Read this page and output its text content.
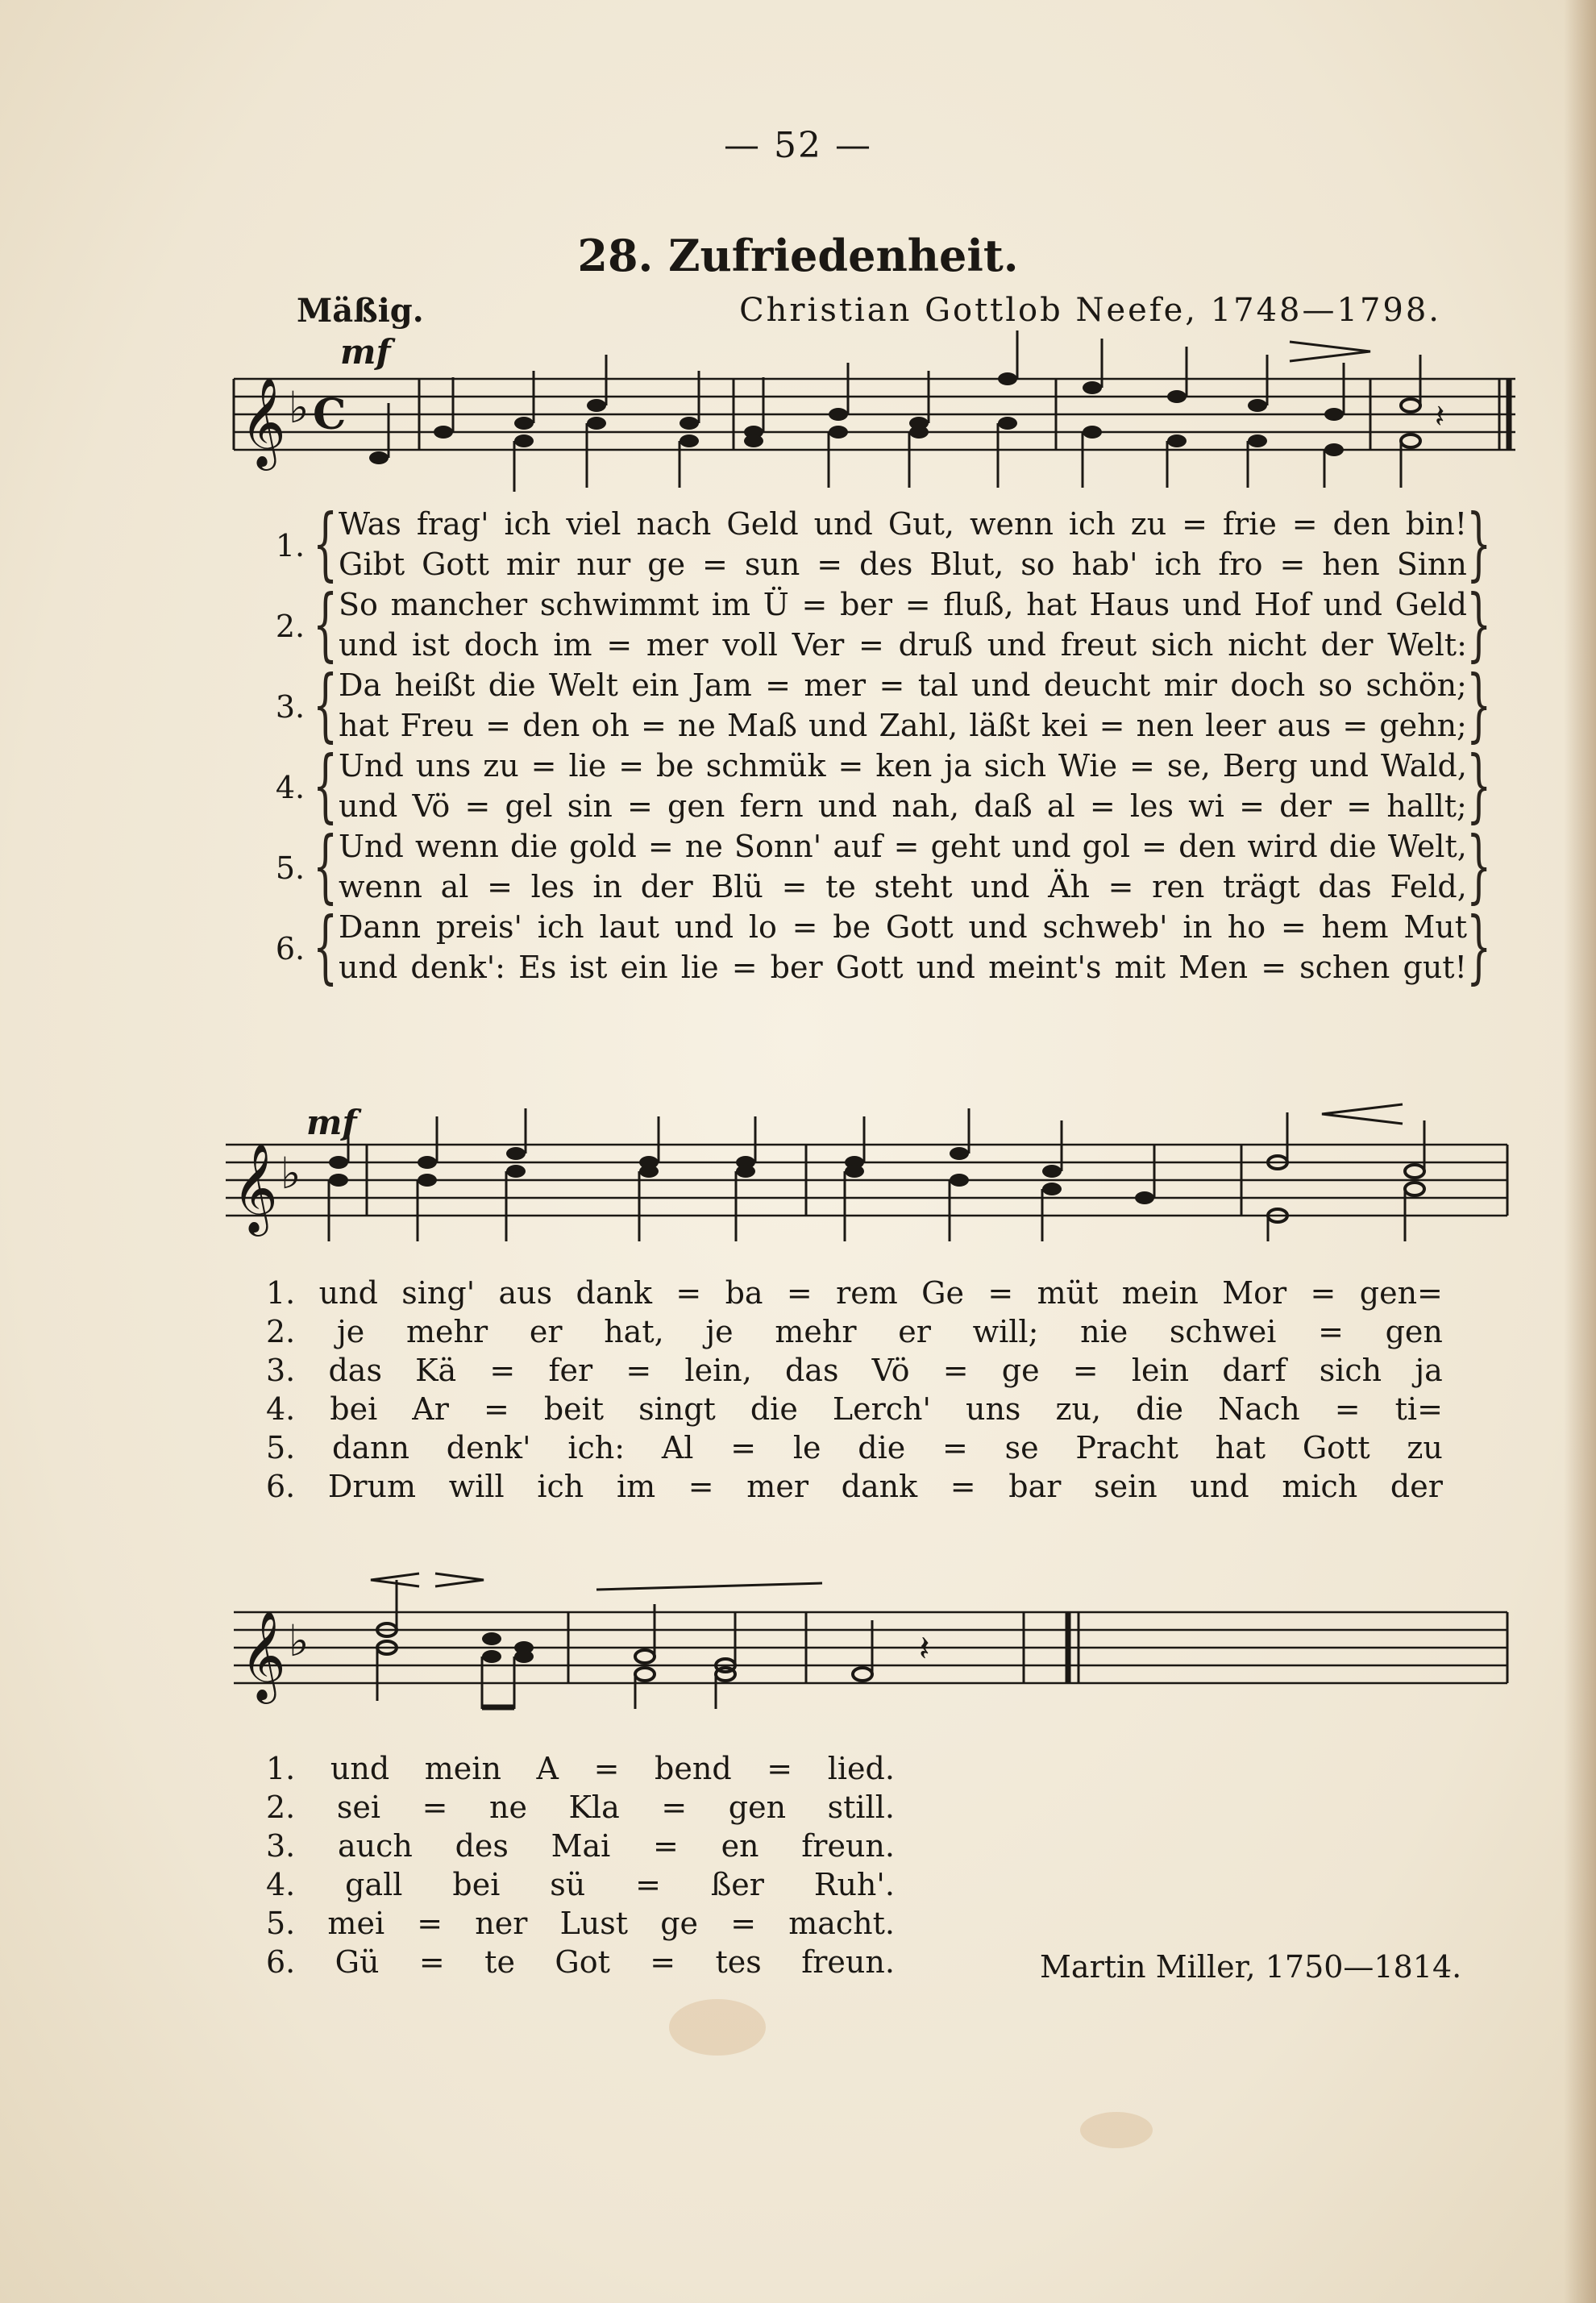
— 52 —
28. Zufriedenheit.
Mäßig.	Christian Gottlob Neefe, 1748—1798.
mf
𝄞 ♭ C	𝄽
1. {	}
Was frag' ich viel nach Geld und Gut, wenn ich zu = frie = den bin!
Gibt Gott mir nur ge = sun = des Blut, so hab' ich fro = hen Sinn
2. {	}
So mancher schwimmt im Ü = ber = fluß, hat Haus und Hof und Geld
und ist doch im = mer voll Ver = druß und freut sich nicht der Welt:
3. {	}
Da heißt die Welt ein Jam = mer = tal und deucht mir doch so schön;
hat Freu = den oh = ne Maß und Zahl, läßt kei = nen leer aus = gehn;
4. {	}
Und uns zu = lie = be schmük = ken ja sich Wie = se, Berg und Wald,
und Vö = gel sin = gen fern und nah, daß al = les wi = der = hallt;
5. {	}
Und wenn die gold = ne Sonn' auf = geht und gol = den wird die Welt,
wenn al = les in der Blü = te steht und Äh = ren trägt das Feld,
6. {	}
Dann preis' ich laut und lo = be Gott und schweb' in ho = hem Mut
und denk': Es ist ein lie = ber Gott und meint's mit Men = schen gut!
mf
𝄞 ♭
1. und sing' aus dank = ba = rem Ge = müt mein Mor = gen=
2. je mehr er hat, je mehr er will; nie schwei = gen
3. das Kä = fer = lein, das Vö = ge = lein darf sich ja
4. bei Ar = beit singt die Lerch' uns zu, die Nach = ti=
5. dann denk' ich: Al = le die = se Pracht hat Gott zu
6. Drum will ich im = mer dank = bar sein und mich der
𝄞 ♭	𝄽
1. und mein A = bend = lied.
2. sei = ne Kla = gen still.
3. auch des Mai = en freun.
4. gall bei sü = ßer Ruh'.
5. mei = ner Lust ge = macht.
6. Gü = te Got = tes freun.	Martin Miller, 1750—1814.
